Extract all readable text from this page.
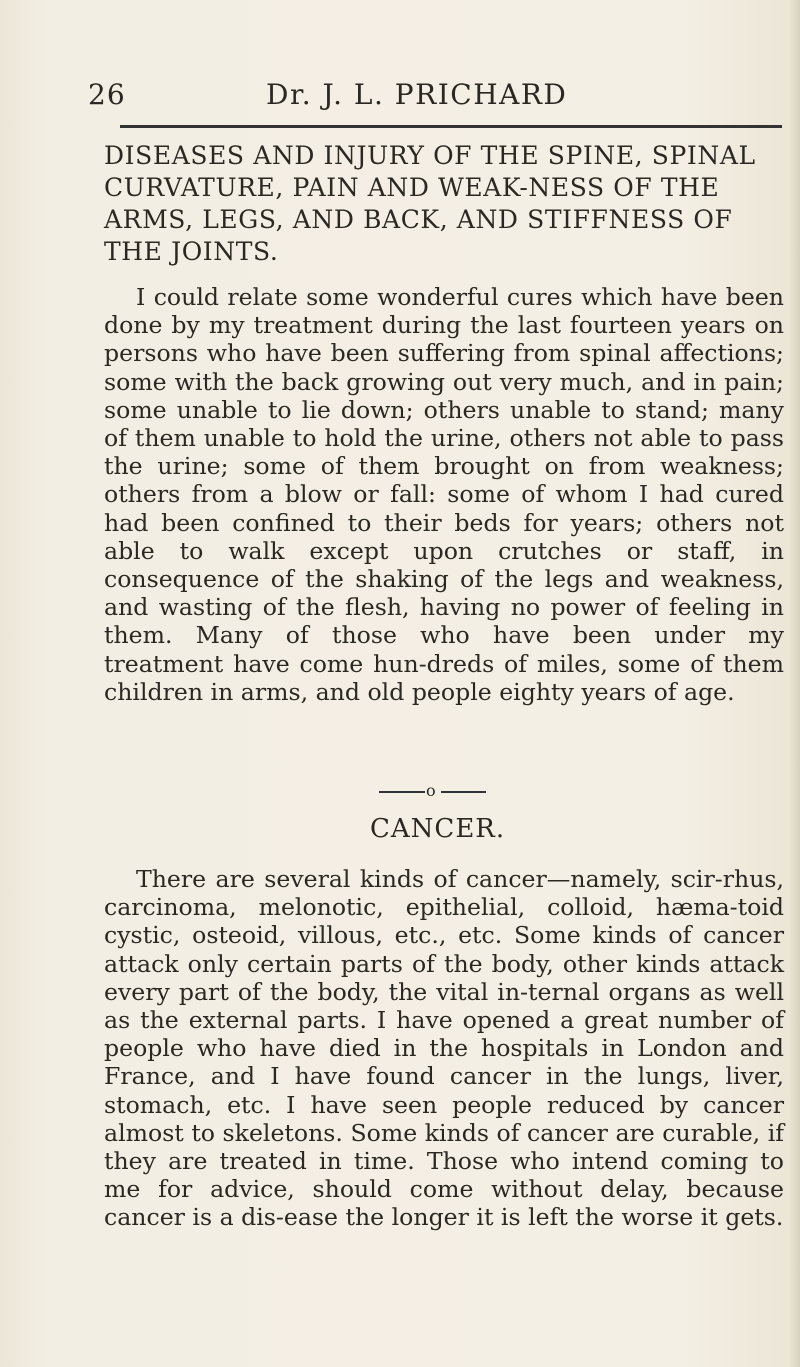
26	Dr. J. L. PRICHARD
DISEASES AND INJURY OF THE SPINE, SPINAL CURVATURE, PAIN AND WEAK-NESS OF THE ARMS, LEGS, AND BACK, AND STIFFNESS OF THE JOINTS.
I could relate some wonderful cures which have been done by my treatment during the last fourteen years on persons who have been suffering from spinal affections; some with the back growing out very much, and in pain; some unable to lie down; others unable to stand; many of them unable to hold the urine, others not able to pass the urine; some of them brought on from weakness; others from a blow or fall: some of whom I had cured had been confined to their beds for years; others not able to walk except upon crutches or staff, in consequence of the shaking of the legs and weakness, and wasting of the flesh, having no power of feeling in them. Many of those who have been under my treatment have come hun-dreds of miles, some of them children in arms, and old people eighty years of age.
o
CANCER.
There are several kinds of cancer—namely, scir-rhus, carcinoma, melonotic, epithelial, colloid, hæma-toid cystic, osteoid, villous, etc., etc. Some kinds of cancer attack only certain parts of the body, other kinds attack every part of the body, the vital in-ternal organs as well as the external parts. I have opened a great number of people who have died in the hospitals in London and France, and I have found cancer in the lungs, liver, stomach, etc. I have seen people reduced by cancer almost to skeletons. Some kinds of cancer are curable, if they are treated in time. Those who intend coming to me for advice, should come without delay, because cancer is a dis-ease the longer it is left the worse it gets.
